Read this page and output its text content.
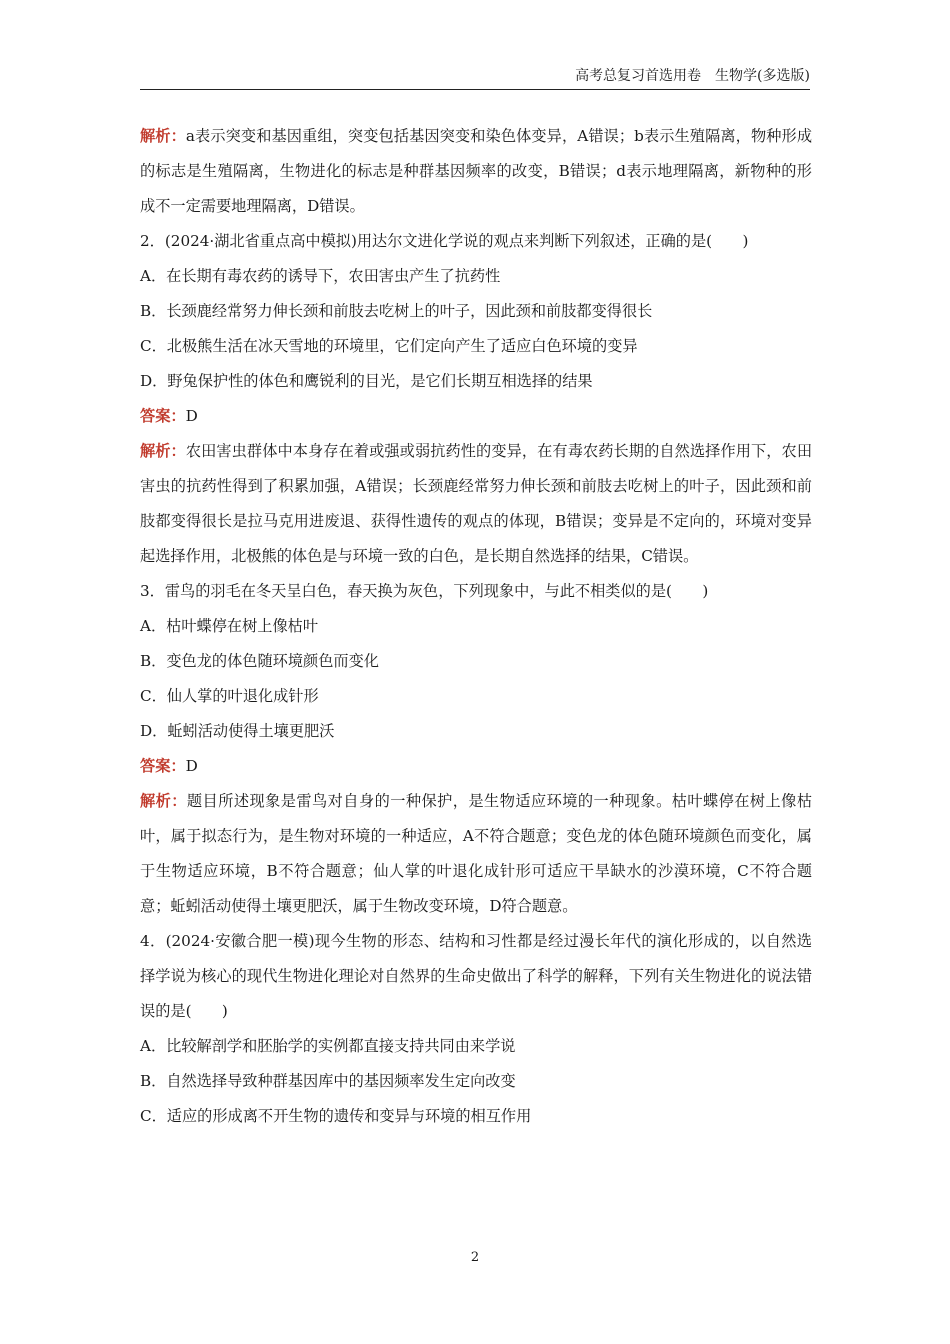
高考总复习首选用卷　生物学(多选版)

解析：a表示突变和基因重组，突变包括基因突变和染色体变异，A错误；b表示生殖隔离，物种形成的标志是生殖隔离，生物进化的标志是种群基因频率的改变，B错误；d表示地理隔离，新物种的形成不一定需要地理隔离，D错误。

2．(2024·湖北省重点高中模拟)用达尔文进化学说的观点来判断下列叙述，正确的是(　　)

A．在长期有毒农药的诱导下，农田害虫产生了抗药性

B．长颈鹿经常努力伸长颈和前肢去吃树上的叶子，因此颈和前肢都变得很长

C．北极熊生活在冰天雪地的环境里，它们定向产生了适应白色环境的变异

D．野兔保护性的体色和鹰锐利的目光，是它们长期互相选择的结果

答案：D

解析：农田害虫群体中本身存在着或强或弱抗药性的变异，在有毒农药长期的自然选择作用下，农田害虫的抗药性得到了积累加强，A错误；长颈鹿经常努力伸长颈和前肢去吃树上的叶子，因此颈和前肢都变得很长是拉马克用进废退、获得性遗传的观点的体现，B错误；变异是不定向的，环境对变异起选择作用，北极熊的体色是与环境一致的白色，是长期自然选择的结果，C错误。

3．雷鸟的羽毛在冬天呈白色，春天换为灰色，下列现象中，与此不相类似的是(　　)

A．枯叶蝶停在树上像枯叶

B．变色龙的体色随环境颜色而变化

C．仙人掌的叶退化成针形

D．蚯蚓活动使得土壤更肥沃

答案：D

解析：题目所述现象是雷鸟对自身的一种保护，是生物适应环境的一种现象。枯叶蝶停在树上像枯叶，属于拟态行为，是生物对环境的一种适应，A不符合题意；变色龙的体色随环境颜色而变化，属于生物适应环境，B不符合题意；仙人掌的叶退化成针形可适应干旱缺水的沙漠环境，C不符合题意；蚯蚓活动使得土壤更肥沃，属于生物改变环境，D符合题意。

4．(2024·安徽合肥一模)现今生物的形态、结构和习性都是经过漫长年代的演化形成的，以自然选择学说为核心的现代生物进化理论对自然界的生命史做出了科学的解释，下列有关生物进化的说法错误的是(　　)

A．比较解剖学和胚胎学的实例都直接支持共同由来学说

B．自然选择导致种群基因库中的基因频率发生定向改变

C．适应的形成离不开生物的遗传和变异与环境的相互作用

2
